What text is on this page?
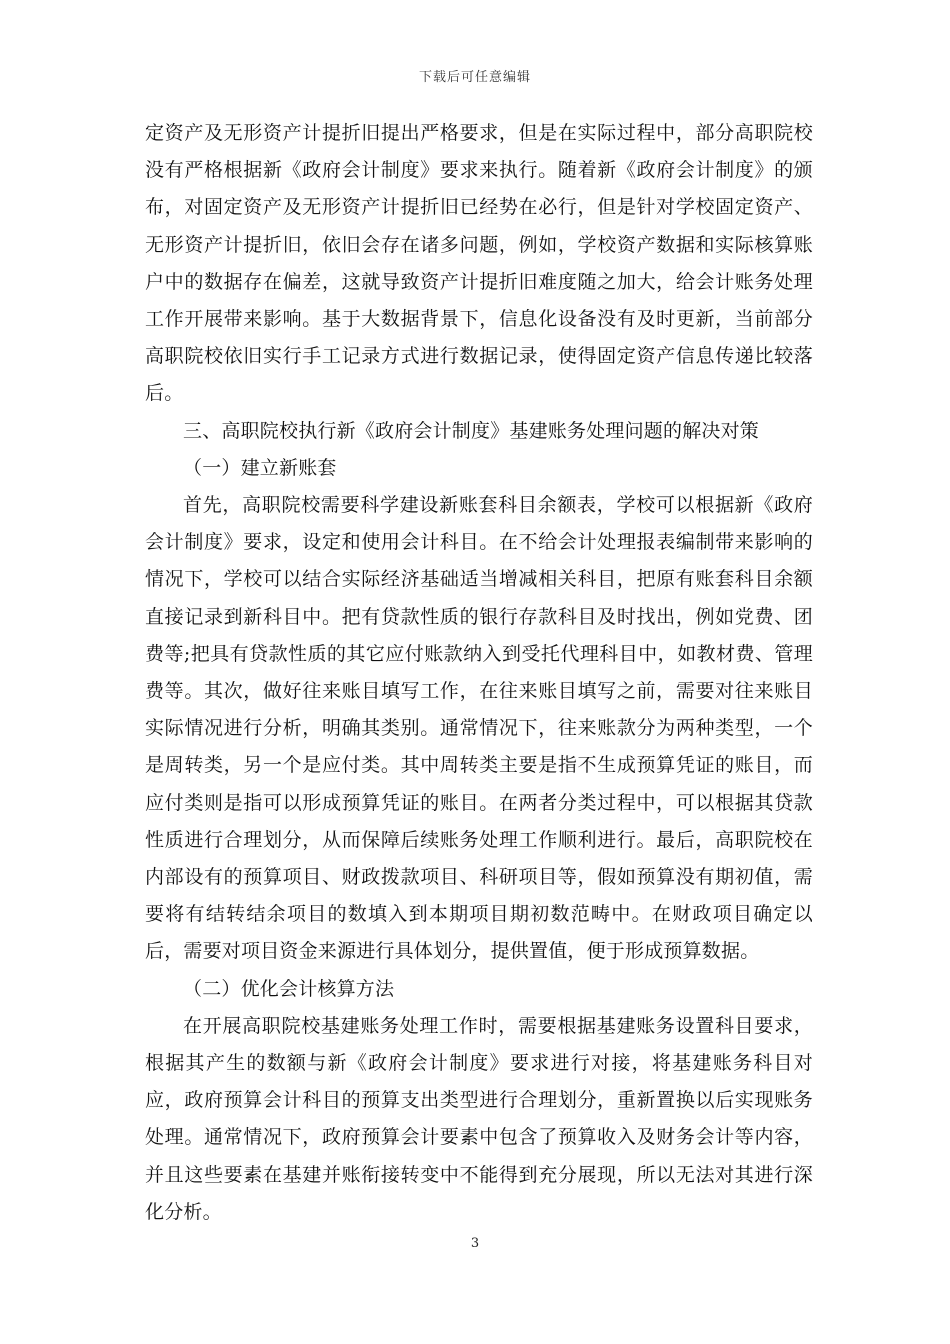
下载后可任意编辑

定资产及无形资产计提折旧提出严格要求，但是在实际过程中，部分高职院校没有严格根据新《政府会计制度》要求来执行。随着新《政府会计制度》的颁布，对固定资产及无形资产计提折旧已经势在必行，但是针对学校固定资产、无形资产计提折旧，依旧会存在诸多问题，例如，学校资产数据和实际核算账户中的数据存在偏差，这就导致资产计提折旧难度随之加大，给会计账务处理工作开展带来影响。基于大数据背景下，信息化设备没有及时更新，当前部分高职院校依旧实行手工记录方式进行数据记录，使得固定资产信息传递比较落后。

三、高职院校执行新《政府会计制度》基建账务处理问题的解决对策

（一）建立新账套

首先，高职院校需要科学建设新账套科目余额表，学校可以根据新《政府会计制度》要求，设定和使用会计科目。在不给会计处理报表编制带来影响的情况下，学校可以结合实际经济基础适当增减相关科目，把原有账套科目余额直接记录到新科目中。把有贷款性质的银行存款科目及时找出，例如党费、团费等;把具有贷款性质的其它应付账款纳入到受托代理科目中，如教材费、管理费等。其次，做好往来账目填写工作，在往来账目填写之前，需要对往来账目实际情况进行分析，明确其类别。通常情况下，往来账款分为两种类型，一个是周转类，另一个是应付类。其中周转类主要是指不生成预算凭证的账目，而应付类则是指可以形成预算凭证的账目。在两者分类过程中，可以根据其贷款性质进行合理划分，从而保障后续账务处理工作顺利进行。最后，高职院校在内部设有的预算项目、财政拨款项目、科研项目等，假如预算没有期初值，需要将有结转结余项目的数填入到本期项目期初数范畴中。在财政项目确定以后，需要对项目资金来源进行具体划分，提供置值，便于形成预算数据。

（二）优化会计核算方法

在开展高职院校基建账务处理工作时，需要根据基建账务设置科目要求，根据其产生的数额与新《政府会计制度》要求进行对接，将基建账务科目对应，政府预算会计科目的预算支出类型进行合理划分，重新置换以后实现账务处理。通常情况下，政府预算会计要素中包含了预算收入及财务会计等内容，并且这些要素在基建并账衔接转变中不能得到充分展现，所以无法对其进行深化分析。

3
